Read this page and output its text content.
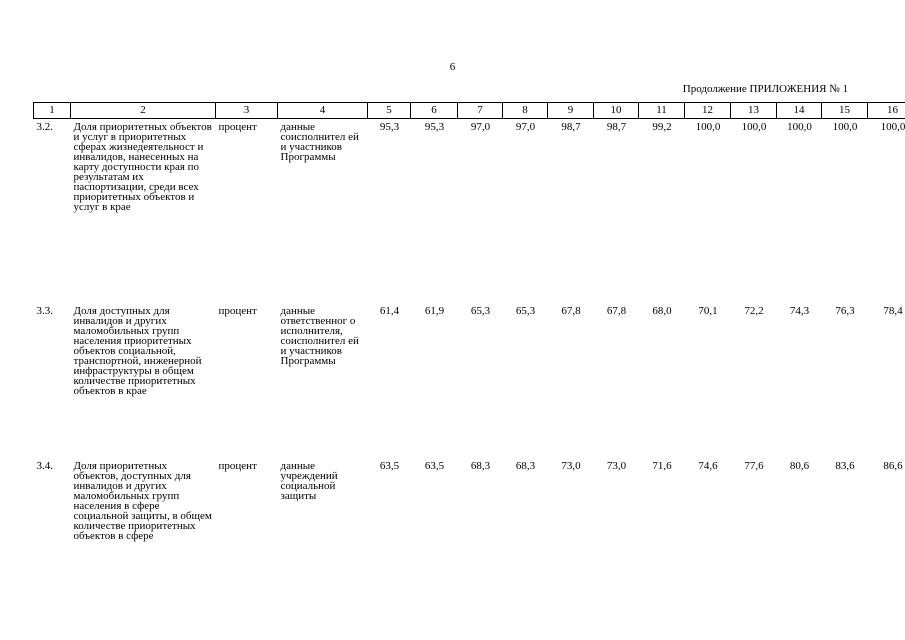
6
Продолжение ПРИЛОЖЕНИЯ № 1
1	2	3	4	5	6	7	8	9	10	11	12	13	14	15	16
3.2.	Доля приоритетных объектов и услуг в приоритетных сферах жизнедеятельност и инвалидов, нанесенных на карту доступности края по результатам их паспортизации, среди всех приоритетных объектов и услуг в крае	процент	данные соисполнител ей и участников Программы	95,3	95,3	97,0	97,0	98,7	98,7	99,2	100,0	100,0	100,0	100,0	100,0
3.3.	Доля доступных для инвалидов и других маломобильных групп населения приоритетных объектов социальной, транспортной, инженерной инфраструктуры в общем количестве приоритетных объектов в крае	процент	данные ответственног о исполнителя, соисполнител ей и участников Программы	61,4	61,9	65,3	65,3	67,8	67,8	68,0	70,1	72,2	74,3	76,3	78,4
3.4.	Доля приоритетных объектов, доступных для инвалидов и других маломобильных групп населения в сфере социальной защиты, в общем количестве приоритетных объектов в сфере	процент	данные учреждений социальной защиты	63,5	63,5	68,3	68,3	73,0	73,0	71,6	74,6	77,6	80,6	83,6	86,6
